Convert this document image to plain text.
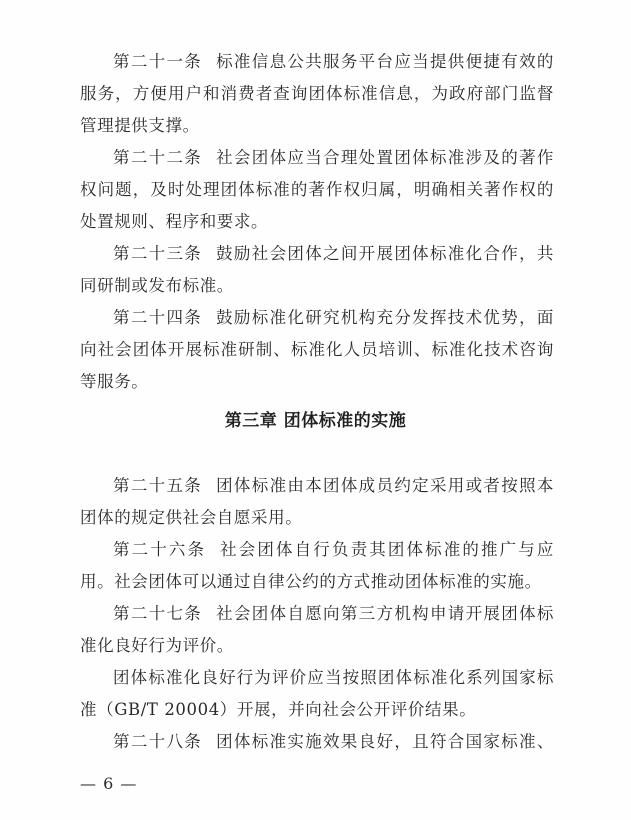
第二十一条 标准信息公共服务平台应当提供便捷有效的服务，方便用户和消费者查询团体标准信息，为政府部门监督管理提供支撑。

第二十二条 社会团体应当合理处置团体标准涉及的著作权问题，及时处理团体标准的著作权归属，明确相关著作权的处置规则、程序和要求。

第二十三条 鼓励社会团体之间开展团体标准化合作，共同研制或发布标准。

第二十四条 鼓励标准化研究机构充分发挥技术优势，面向社会团体开展标准研制、标准化人员培训、标准化技术咨询等服务。

第三章 团体标准的实施

第二十五条 团体标准由本团体成员约定采用或者按照本团体的规定供社会自愿采用。

第二十六条 社会团体自行负责其团体标准的推广与应用。社会团体可以通过自律公约的方式推动团体标准的实施。

第二十七条 社会团体自愿向第三方机构申请开展团体标准化良好行为评价。

团体标准化良好行为评价应当按照团体标准化系列国家标准（GB/T 20004）开展，并向社会公开评价结果。

第二十八条 团体标准实施效果良好，且符合国家标准、

— 6 —
